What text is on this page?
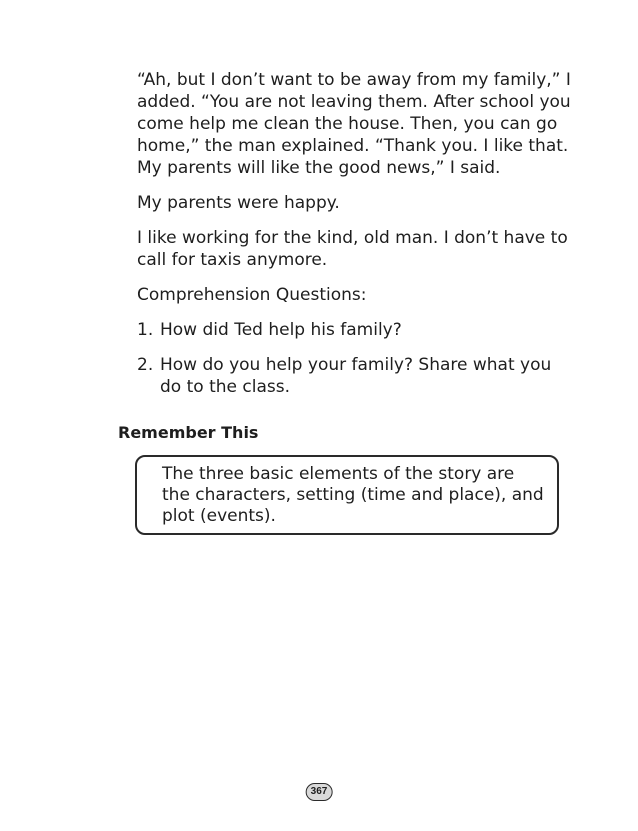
“Ah, but I don’t want to be away from my family,” I added. “You are not leaving them. After school you come help me clean the house. Then, you can go home,” the man explained. “Thank you. I like that. My parents will like the good news,” I said.

My parents were happy.

I like working for the kind, old man. I don’t have to call for taxis anymore.

Comprehension Questions:

1. How did Ted help his family?
2. How do you help your family? Share what you do to the class.
Remember This
The three basic elements of the story are the characters, setting (time and place), and plot (events).
367
